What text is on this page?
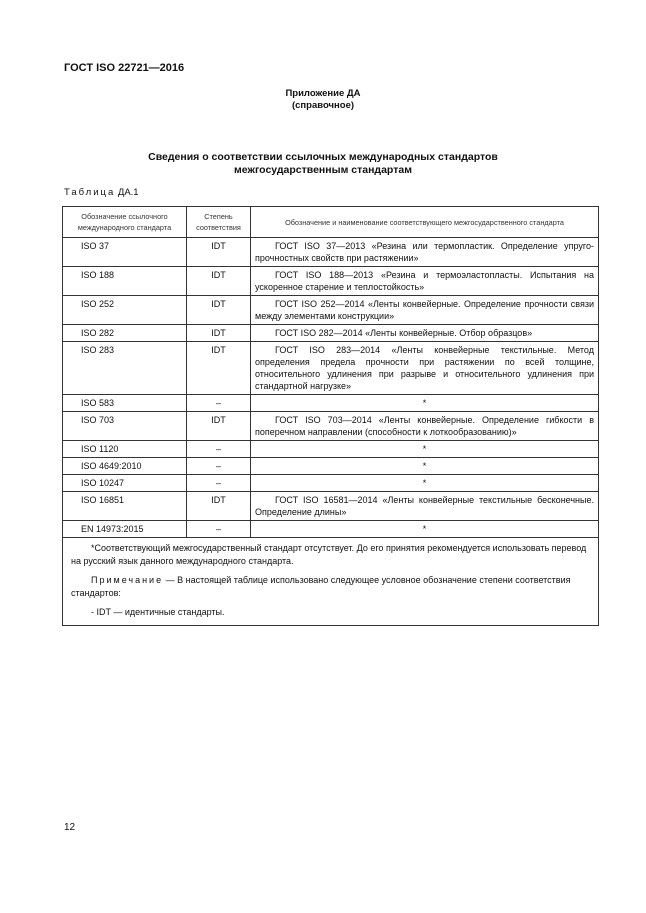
ГОСТ ISO 22721—2016
Приложение ДА
(справочное)
Сведения о соответствии ссылочных международных стандартов
межгосударственным стандартам
Таблица ДА.1
Обозначение ссылочного международного стандарта	Степень соответствия	Обозначение и наименование соответствующего межгосударственного стандарта
ISO 37	IDT	ГОСТ ISO 37—2013 «Резина или термопластик. Определение упруго-прочностных свойств при растяжении»
ISO 188	IDT	ГОСТ ISO 188—2013 «Резина и термоэластопласты. Испытания на ускоренное старение и теплостойкость»
ISO 252	IDT	ГОСТ ISO 252—2014 «Ленты конвейерные. Определение прочности связи между элементами конструкции»
ISO 282	IDT	ГОСТ ISO 282—2014 «Ленты конвейерные. Отбор образцов»
ISO 283	IDT	ГОСТ ISO 283—2014 «Ленты конвейерные текстильные. Метод определения предела прочности при растяжении по всей толщине, относительного удлинения при разрыве и относительного удлинения при стандартной нагрузке»
ISO 583	–	*
ISO 703	IDT	ГОСТ ISO 703—2014 «Ленты конвейерные. Определение гибкости в поперечном направлении (способности к лоткообразованию)»
ISO 1120	–	*
ISO 4649:2010	–	*
ISO 10247	–	*
ISO 16851	IDT	ГОСТ ISO 16581—2014 «Ленты конвейерные текстильные бесконечные. Определение длины»
EN 14973:2015	–	*

*Соответствующий межгосударственный стандарт отсутствует. До его принятия рекомендуется использовать перевод на русский язык данного международного стандарта.

Примечание — В настоящей таблице использовано следующее условное обозначение степени соответствия стандартов:

- IDT — идентичные стандарты.		

12
